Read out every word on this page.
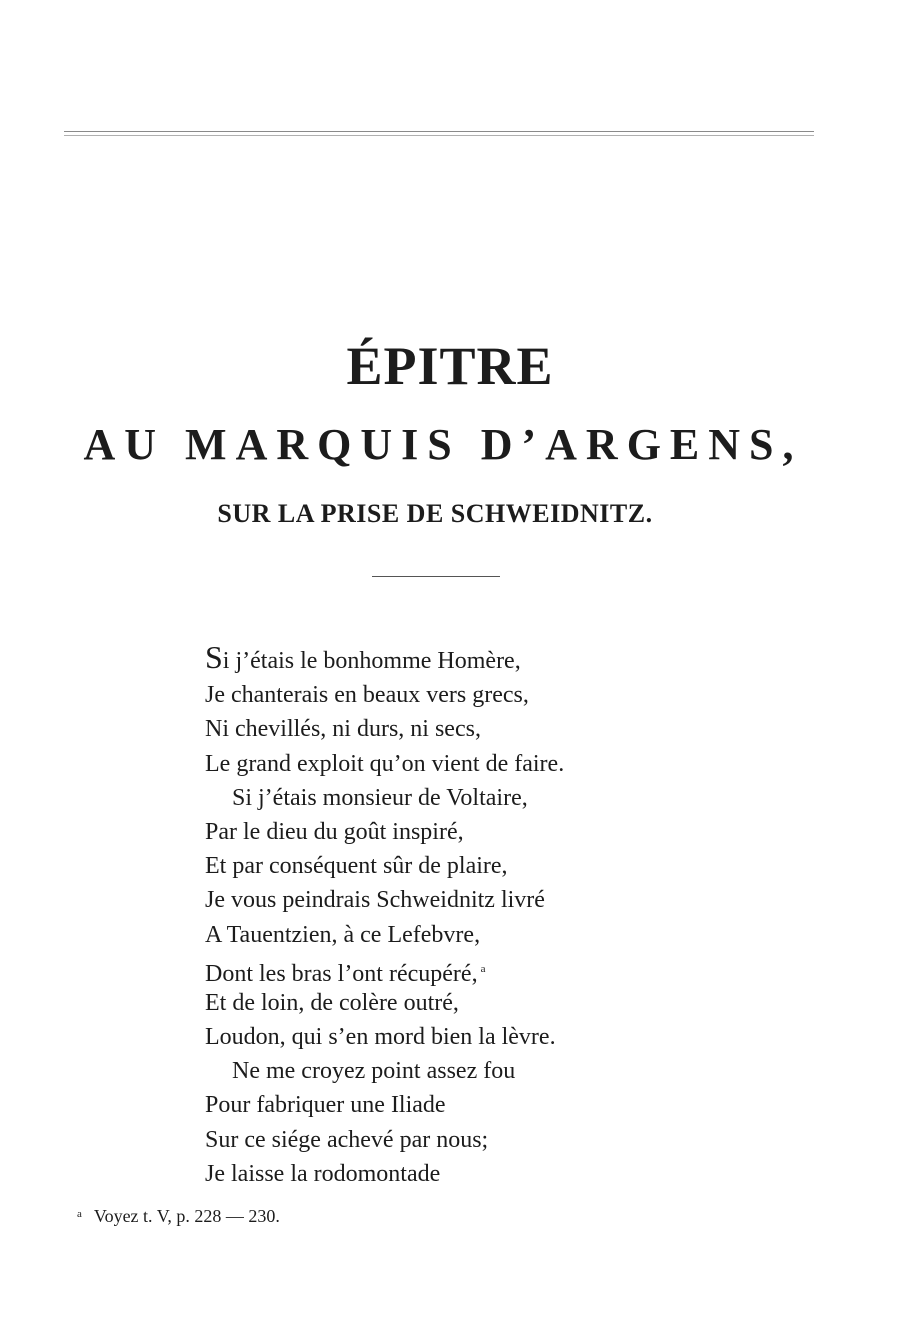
ÉPITRE
AU MARQUIS D’ARGENS,
SUR LA PRISE DE SCHWEIDNITZ.
Si j’étais le bonhomme Homère,
Je chanterais en beaux vers grecs,
Ni chevillés, ni durs, ni secs,
Le grand exploit qu’on vient de faire.
Si j’étais monsieur de Voltaire,
Par le dieu du goût inspiré,
Et par conséquent sûr de plaire,
Je vous peindrais Schweidnitz livré
A Tauentzien, à ce Lefebvre,
Dont les bras l’ont récupéré, $^a$
Et de loin, de colère outré,
Loudon, qui s’en mord bien la lèvre.
Ne me croyez point assez fou
Pour fabriquer une Iliade
Sur ce siége achevé par nous;
Je laisse la rodomontade
$^a$ Voyez t. V, p. 228 — 230.
